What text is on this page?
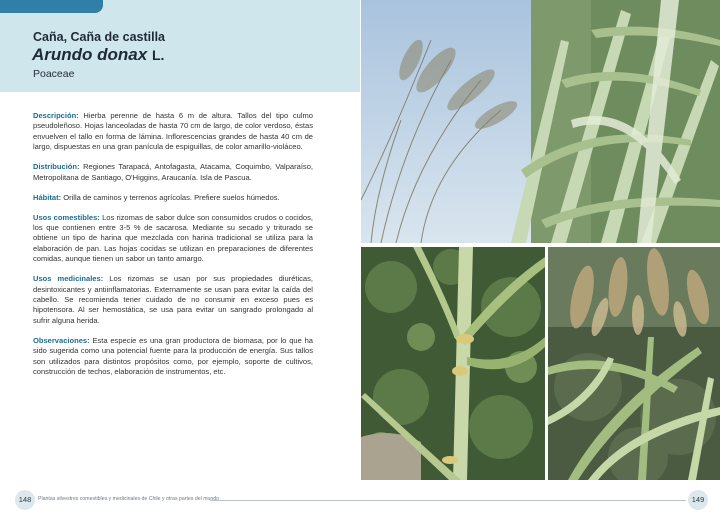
Caña, Caña de castilla
Arundo donax L.
Poaceae

Descripción: Hierba perenne de hasta 6 m de altura. Tallos del tipo culmo pseudoleñoso. Hojas lanceoladas de hasta 70 cm de largo, de color verdoso, éstas envuelven el tallo en forma de lámina. Inflorescencias grandes de hasta 40 cm de largo, dispuestas en una gran panícula de espiguillas, de color amarillo-violáceo.

Distribución: Regiones Tarapacá, Antofagasta, Atacama, Coquimbo, Valparaíso, Metropolitana de Santiago, O'Higgins, Araucanía. Isla de Pascua.

Hábitat: Orilla de caminos y terrenos agrícolas. Prefiere suelos húmedos.

Usos comestibles: Los rizomas de sabor dulce son consumidos crudos o cocidos, los que contienen entre 3-5 % de sacarosa. Mediante su secado y triturado se obtiene un tipo de harina que mezclada con harina tradicional se utiliza para la elaboración de pan. Las hojas cocidas se utilizan en preparaciones de diferentes comidas, aunque tienen un sabor un tanto amargo.

Usos medicinales: Los rizomas se usan por sus propiedades diuréticas, desintoxicantes y antiinflamatorias. Externamente se usan para evitar la caída del cabello. Se recomienda tener cuidado de no consumir en exceso pues es hipotensora. Al ser hemostática, se usa para evitar un sangrado prolongado al sufrir alguna herida.

Observaciones: Esta especie es una gran productora de biomasa, por lo que ha sido sugerida como una potencial fuente para la producción de energía. Sus tallos son utilizados para distintos propósitos como, por ejemplo, soporte de cultivos, construcción de techos, elaboración de instrumentos, etc.

148	Plantas silvestres comestibles y medicinales de Chile y otras partes del mundo	149
